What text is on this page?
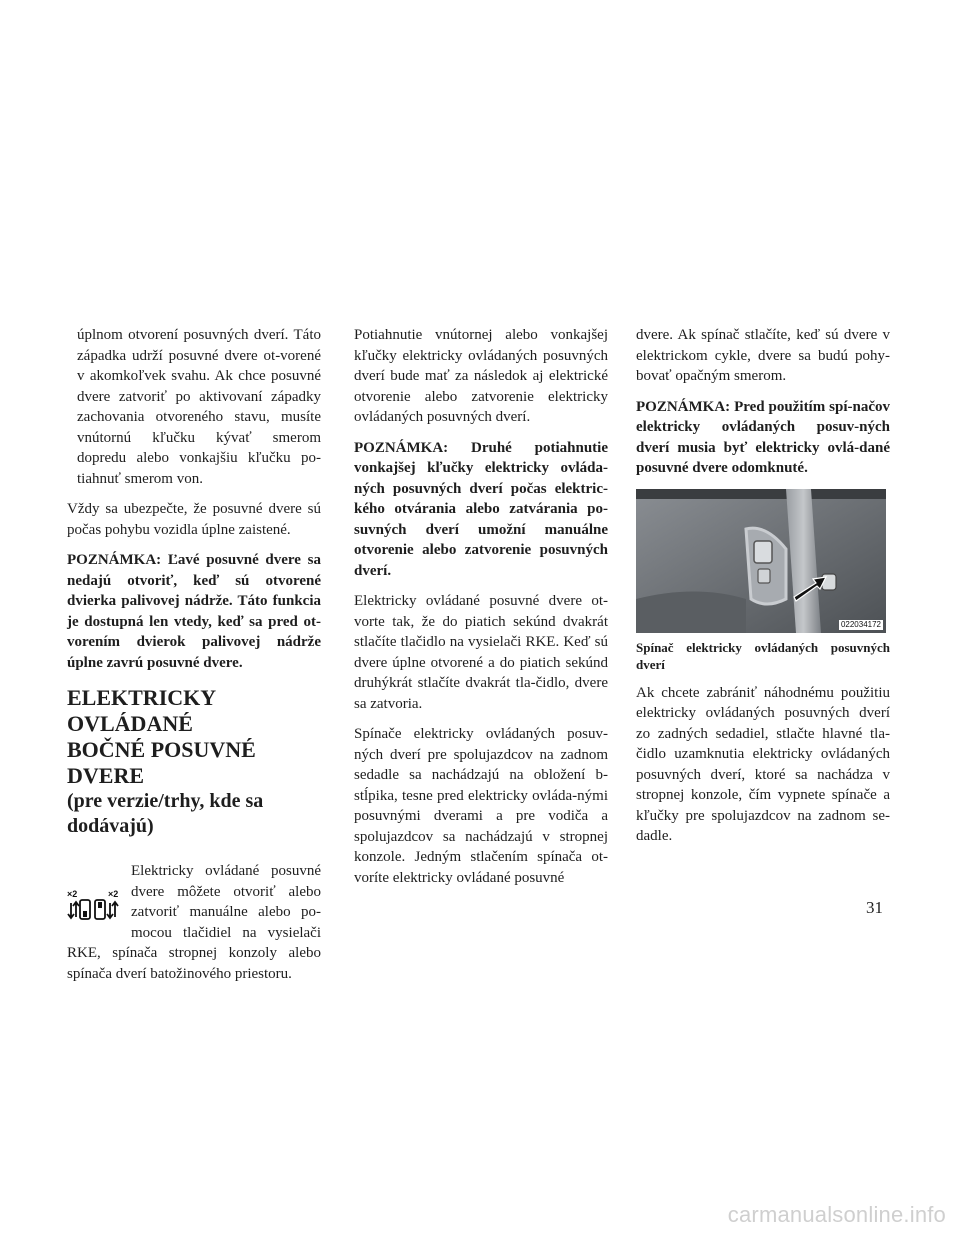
úplnom otvorení posuvných dverí. Táto západka udrží posuvné dvere ot-vorené v akomkoľvek svahu. Ak chce posuvné dvere zatvoriť po aktivovaní západky zachovania otvoreného stavu, musíte vnútornú kľučku kývať smerom dopredu alebo vonkajšiu kľučku po-tiahnuť smerom von.

Vždy sa ubezpečte, že posuvné dvere sú počas pohybu vozidla úplne zaistené.

POZNÁMKA: Ľavé posuvné dvere sa nedajú otvoriť, keď sú otvorené dvierka palivovej nádrže. Táto funkcia je dostupná len vtedy, keď sa pred ot-vorením dvierok palivovej nádrže úplne zavrú posuvné dvere.

ELEKTRICKY OVLÁDANÉ
BOČNÉ POSUVNÉ DVERE
(pre verzie/trhy, kde sa
dodávajú)
×2	×2

Elektricky ovládané posuvné dvere môžete otvoriť alebo zatvoriť manuálne alebo po-mocou tlačidiel na vysielači RKE, spínača stropnej konzoly alebo spínača dverí batožinového priestoru.

Potiahnutie vnútornej alebo vonkajšej kľučky elektricky ovládaných posuvných dverí bude mať za následok aj elektrické otvorenie alebo zatvorenie elektricky ovládaných posuvných dverí.

POZNÁMKA: Druhé potiahnutie vonkajšej kľučky elektricky ovláda-ných posuvných dverí počas elektric-kého otvárania alebo zatvárania po-suvných dverí umožní manuálne otvorenie alebo zatvorenie posuvných dverí.

Elektricky ovládané posuvné dvere ot-vorte tak, že do piatich sekúnd dvakrát stlačíte tlačidlo na vysielači RKE. Keď sú dvere úplne otvorené a do piatich sekúnd druhýkrát stlačíte dvakrát tla-čidlo, dvere sa zatvoria.

Spínače elektricky ovládaných posuv-ných dverí pre spolujazdcov na zadnom sedadle sa nachádzajú na obložení b-stĺpika, tesne pred elektricky ovláda-nými posuvnými dverami a pre vodiča a spolujazdcov sa nachádzajú v stropnej konzole. Jedným stlačením spínača ot-voríte elektricky ovládané posuvné

dvere. Ak spínač stlačíte, keď sú dvere v elektrickom cykle, dvere sa budú pohy-bovať opačným smerom.

POZNÁMKA: Pred použitím spí-načov elektricky ovládaných posuv-ných dverí musia byť elektricky ovlá-dané posuvné dvere odomknuté.

022034172

Spínač elektricky ovládaných posuvných dverí

Ak chcete zabrániť náhodnému použitiu elektricky ovládaných posuvných dverí zo zadných sedadiel, stlačte hlavné tla-čidlo uzamknutia elektricky ovládaných posuvných dverí, ktoré sa nachádza v stropnej konzole, čím vypnete spínače a kľučky pre spolujazdcov na zadnom se-dadle.

31
carmanualsonline.info
